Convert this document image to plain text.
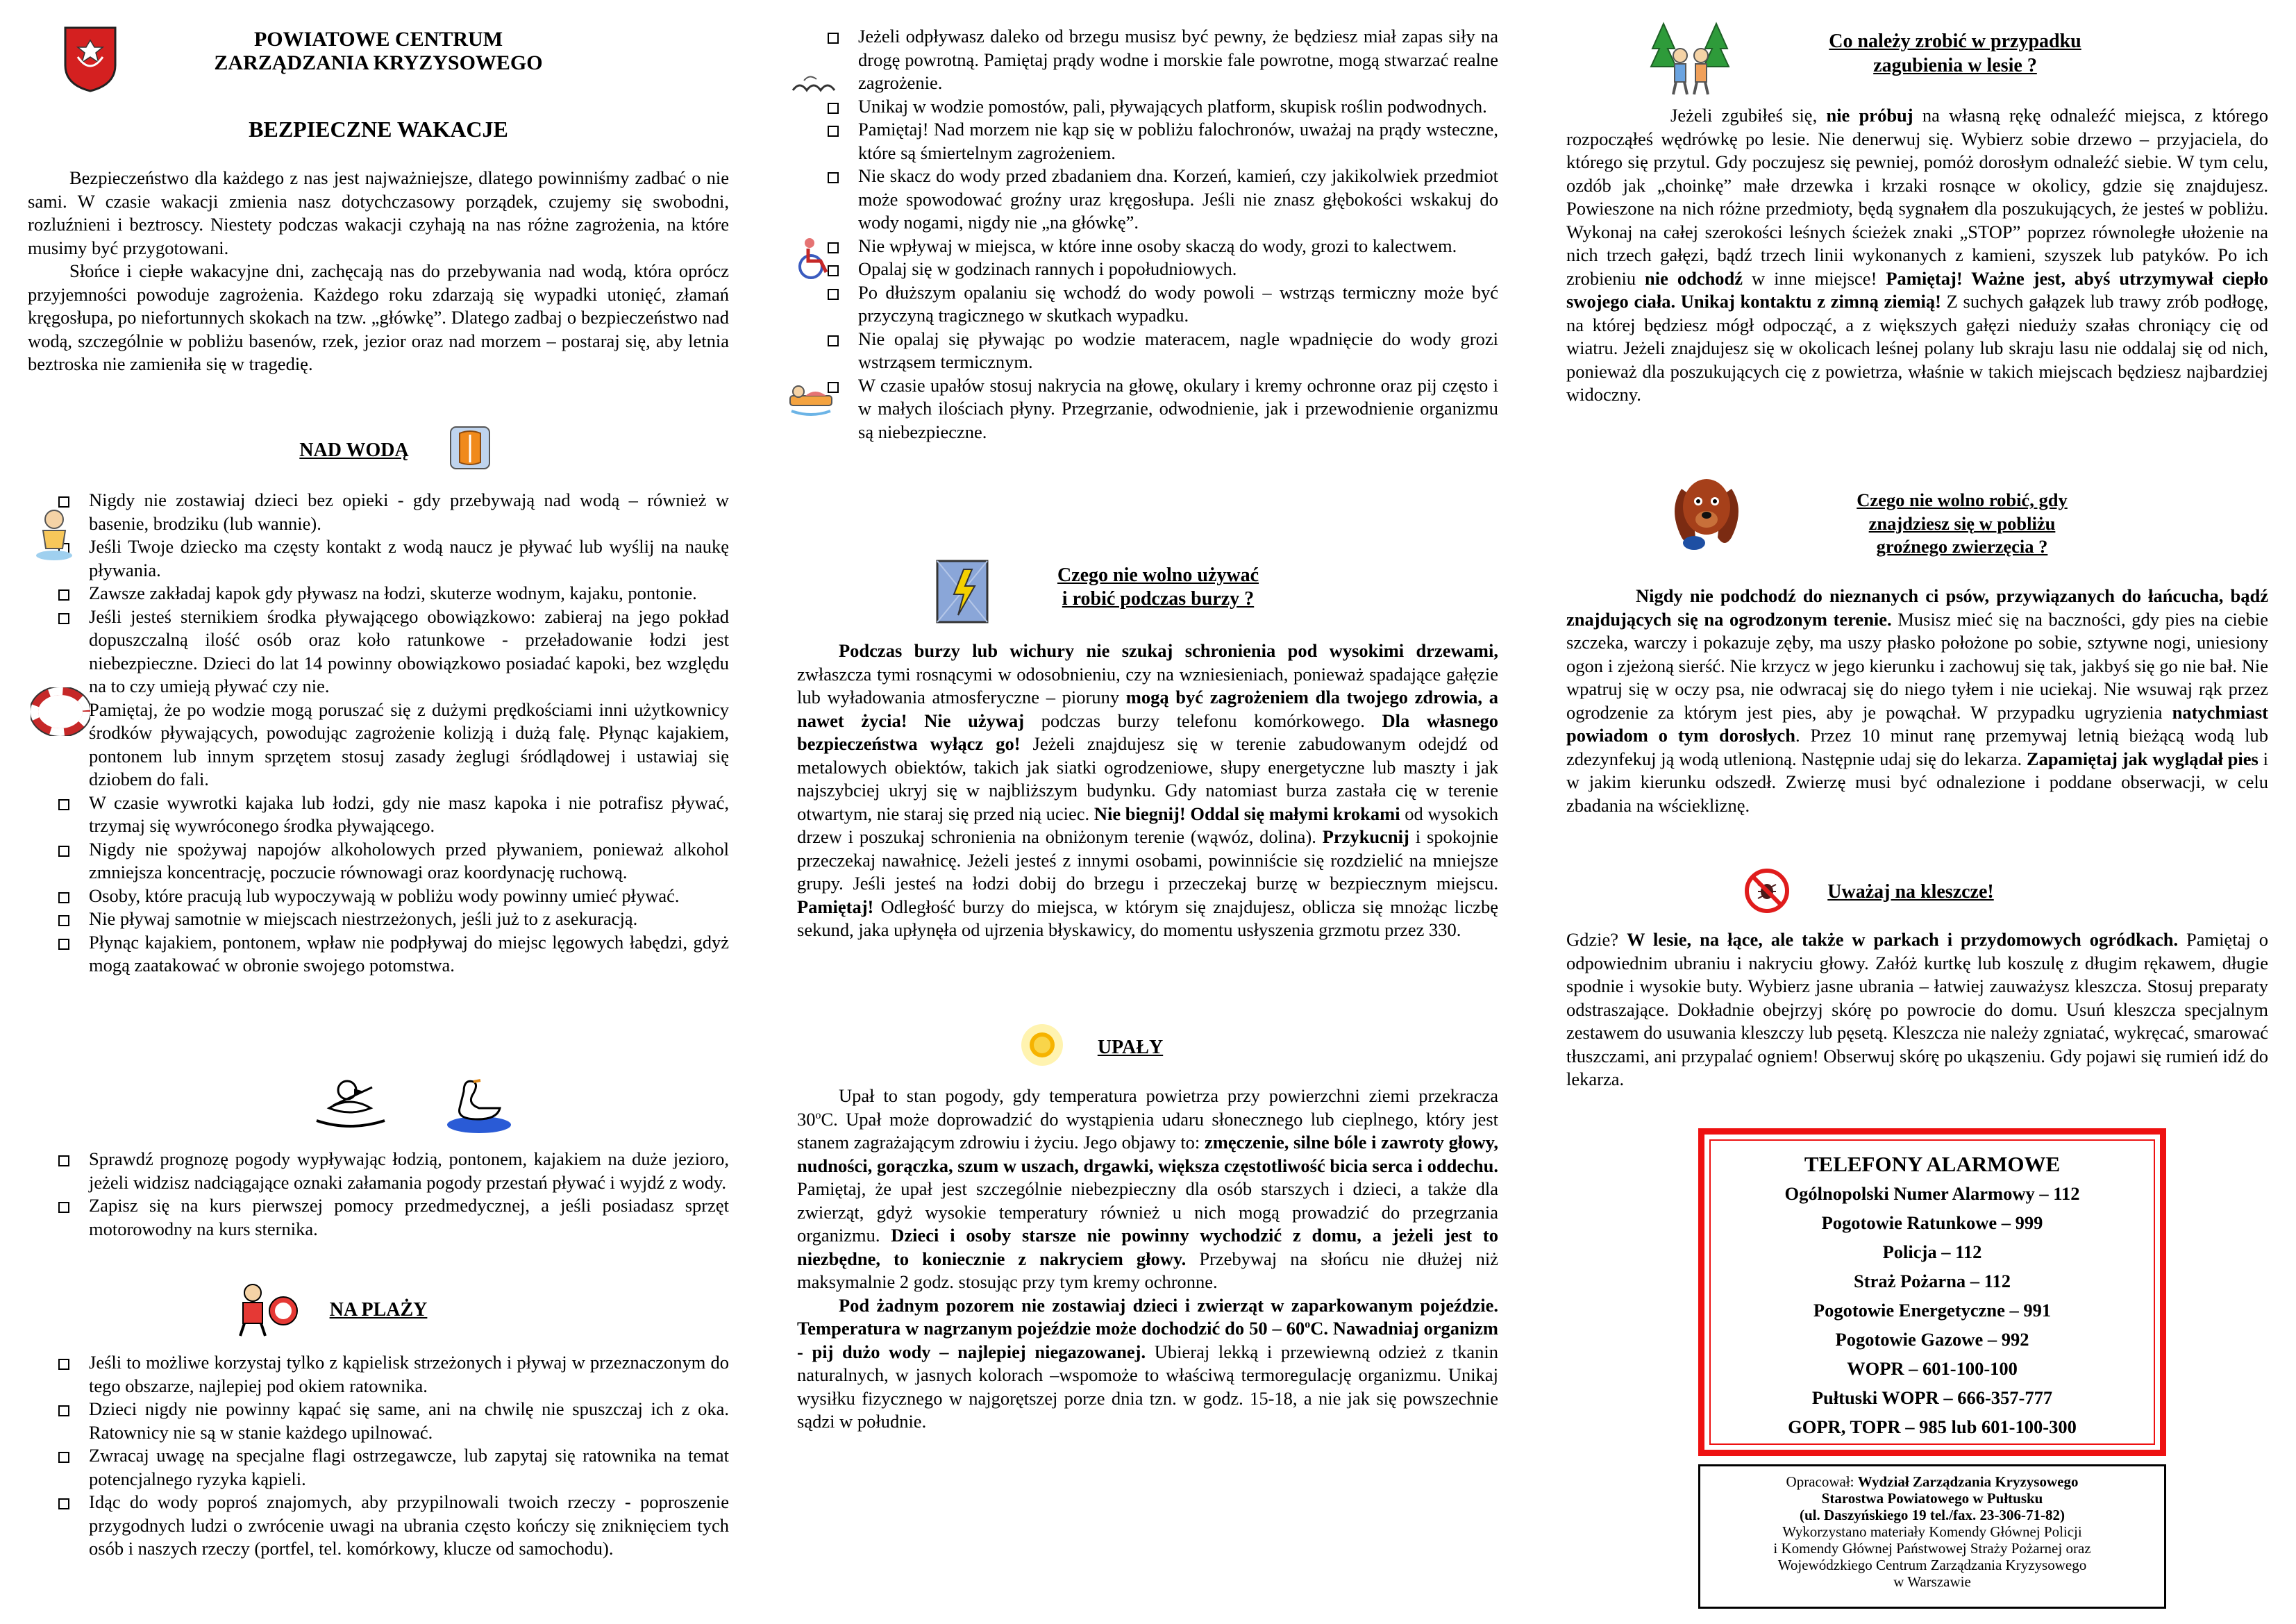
POWIATOWE CENTRUM
ZARZĄDZANIA KRYZYSOWEGO
BEZPIECZNE WAKACJE

Bezpieczeństwo dla każdego z nas jest najważniejsze, dlatego powinniśmy zadbać o nie sami. W czasie wakacji zmienia nasz dotychczasowy porządek, czujemy się swobodni, rozluźnieni i beztroscy. Niestety podczas wakacji czyhają na nas różne zagrożenia, na które musimy być przygotowani.

Słońce i ciepłe wakacyjne dni, zachęcają nas do przebywania nad wodą, która oprócz przyjemności powoduje zagrożenia. Każdego roku zdarzają się wypadki utonięć, złamań kręgosłupa, po niefortunnych skokach na tzw. „główkę”. Dlatego zadbaj o bezpieczeństwo nad wodą, szczególnie w pobliżu basenów, rzek, jezior oraz nad morzem – postaraj się, aby letnia beztroska nie zamieniła się w tragedię.

NAD WODĄ
Nigdy nie zostawiaj dzieci bez opieki - gdy przebywają nad wodą – również w basenie, brodziku (lub wannie).
Jeśli Twoje dziecko ma częsty kontakt z wodą naucz je pływać lub wyślij na naukę pływania.
Zawsze zakładaj kapok gdy pływasz na łodzi, skuterze wodnym, kajaku, pontonie.
Jeśli jesteś sternikiem środka pływającego obowiązkowo: zabieraj na jego pokład dopuszczalną ilość osób oraz koło ratunkowe - przeładowanie łodzi jest niebezpieczne. Dzieci do lat 14 powinny obowiązkowo posiadać kapoki, bez względu na to czy umieją pływać czy nie.
Pamiętaj, że po wodzie mogą poruszać się z dużymi prędkościami inni użytkownicy środków pływających, powodując zagrożenie kolizją i dużą falę. Płynąc kajakiem, pontonem lub innym sprzętem stosuj zasady żeglugi śródlądowej i ustawiaj się dziobem do fali.
W czasie wywrotki kajaka lub łodzi, gdy nie masz kapoka i nie potrafisz pływać, trzymaj się wywróconego środka pływającego.
Nigdy nie spożywaj napojów alkoholowych przed pływaniem, ponieważ alkohol zmniejsza koncentrację, poczucie równowagi oraz koordynację ruchową.
Osoby, które pracują lub wypoczywają w pobliżu wody powinny umieć pływać.
Nie pływaj samotnie w miejscach niestrzeżonych, jeśli już to z asekuracją.
Płynąc kajakiem, pontonem, wpław nie podpływaj do miejsc lęgowych łabędzi, gdyż mogą zaatakować w obronie swojego potomstwa.
Sprawdź prognozę pogody wypływając łodzią, pontonem, kajakiem na duże jezioro, jeżeli widzisz nadciągające oznaki załamania pogody przestań pływać i wyjdź z wody.
Zapisz się na kurs pierwszej pomocy przedmedycznej, a jeśli posiadasz sprzęt motorowodny na kurs sternika.
NA PLAŻY
Jeśli to możliwe korzystaj tylko z kąpielisk strzeżonych i pływaj w przeznaczonym do tego obszarze, najlepiej pod okiem ratownika.
Dzieci nigdy nie powinny kąpać się same, ani na chwilę nie spuszczaj ich z oka. Ratownicy nie są w stanie każdego upilnować.
Zwracaj uwagę na specjalne flagi ostrzegawcze, lub zapytaj się ratownika na temat potencjalnego ryzyka kąpieli.
Idąc do wody poproś znajomych, aby przypilnowali twoich rzeczy - poproszenie przygodnych ludzi o zwrócenie uwagi na ubrania często kończy się zniknięciem tych osób i naszych rzeczy (portfel, tel. komórkowy, klucze od samochodu).
Jeżeli odpływasz daleko od brzegu musisz być pewny, że będziesz miał zapas siły na drogę powrotną. Pamiętaj prądy wodne i morskie fale powrotne, mogą stwarzać realne zagrożenie.
Unikaj w wodzie pomostów, pali, pływających platform, skupisk roślin podwodnych.
Pamiętaj! Nad morzem nie kąp się w pobliżu falochronów, uważaj na prądy wsteczne, które są śmiertelnym zagrożeniem.
Nie skacz do wody przed zbadaniem dna. Korzeń, kamień, czy jakikolwiek przedmiot może spowodować groźny uraz kręgosłupa. Jeśli nie znasz głębokości wskakuj do wody nogami, nigdy nie „na główkę”.
Nie wpływaj w miejsca, w które inne osoby skaczą do wody, grozi to kalectwem.
Opalaj się w godzinach rannych i popołudniowych.
Po dłuższym opalaniu się wchodź do wody powoli – wstrząs termiczny może być przyczyną tragicznego w skutkach wypadku.
Nie opalaj się pływając po wodzie materacem, nagle wpadnięcie do wody grozi wstrząsem termicznym.
W czasie upałów stosuj nakrycia na głowę, okulary i kremy ochronne oraz pij często i w małych ilościach płyny. Przegrzanie, odwodnienie, jak i przewodnienie organizmu są niebezpieczne.
Czego nie wolno używać
i robić podczas burzy ?

Podczas burzy lub wichury nie szukaj schronienia pod wysokimi drzewami, zwłaszcza tymi rosnącymi w odosobnieniu, czy na wzniesieniach, ponieważ spadające gałęzie lub wyładowania atmosferyczne – pioruny mogą być zagrożeniem dla twojego zdrowia, a nawet życia! Nie używaj podczas burzy telefonu komórkowego. Dla własnego bezpieczeństwa wyłącz go! Jeżeli znajdujesz się w terenie zabudowanym odejdź od metalowych obiektów, takich jak siatki ogrodzeniowe, słupy energetyczne lub maszty i jak najszybciej ukryj się w najbliższym budynku. Gdy natomiast burza zastała cię w terenie otwartym, nie staraj się przed nią uciec. Nie biegnij! Oddal się małymi krokami od wysokich drzew i poszukaj schronienia na obniżonym terenie (wąwóz, dolina). Przykucnij i spokojnie przeczekaj nawałnicę. Jeżeli jesteś z innymi osobami, powinniście się rozdzielić na mniejsze grupy. Jeśli jesteś na łodzi dobij do brzegu i przeczekaj burzę w bezpiecznym miejscu. Pamiętaj! Odległość burzy do miejsca, w którym się znajdujesz, oblicza się mnożąc liczbę sekund, jaka upłynęła od ujrzenia błyskawicy, do momentu usłyszenia grzmotu przez 330.

UPAŁY

Upał to stan pogody, gdy temperatura powietrza przy powierzchni ziemi przekracza 30$^o$C. Upał może doprowadzić do wystąpienia udaru słonecznego lub cieplnego, który jest stanem zagrażającym zdrowiu i życiu. Jego objawy to: zmęczenie, silne bóle i zawroty głowy, nudności, gorączka, szum w uszach, drgawki, większa częstotliwość bicia serca i oddechu. Pamiętaj, że upał jest szczególnie niebezpieczny dla osób starszych i dzieci, a także dla zwierząt, gdyż wysokie temperatury również u nich mogą prowadzić do przegrzania organizmu. Dzieci i osoby starsze nie powinny wychodzić z domu, a jeżeli jest to niezbędne, to koniecznie z nakryciem głowy. Przebywaj na słońcu nie dłużej niż maksymalnie 2 godz. stosując przy tym kremy ochronne.

Pod żadnym pozorem nie zostawiaj dzieci i zwierząt w zaparkowanym pojeździe. Temperatura w nagrzanym pojeździe może dochodzić do 50 – 60$^o$C. Nawadniaj organizm - pij dużo wody – najlepiej niegazowanej. Ubieraj lekką i przewiewną odzież z tkanin naturalnych, w jasnych kolorach –wspomoże to właściwą termoregulację organizmu. Unikaj wysiłku fizycznego w najgorętszej porze dnia tzn. w godz. 15-18, a nie jak się powszechnie sądzi w południe.

Co należy zrobić w przypadku
zagubienia w lesie ?

Jeżeli zgubiłeś się, nie próbuj na własną rękę odnaleźć miejsca, z którego rozpocząłeś wędrówkę po lesie. Nie denerwuj się. Wybierz sobie drzewo – przyjaciela, do którego się przytul. Gdy poczujesz się pewniej, pomóż dorosłym odnaleźć siebie. W tym celu, ozdób jak „choinkę” małe drzewka i krzaki rosnące w okolicy, gdzie się znajdujesz. Powieszone na nich różne przedmioty, będą sygnałem dla poszukujących, że jesteś w pobliżu. Wykonaj na całej szerokości leśnych ścieżek znaki „STOP” poprzez równoległe ułożenie na nich trzech gałęzi, bądź trzech linii wykonanych z kamieni, szyszek lub patyków. Po ich zrobieniu nie odchodź w inne miejsce! Pamiętaj! Ważne jest, abyś utrzymywał ciepło swojego ciała. Unikaj kontaktu z zimną ziemią! Z suchych gałązek lub trawy zrób podłogę, na której będziesz mógł odpocząć, a z większych gałęzi nieduży szałas chroniący cię od wiatru. Jeżeli znajdujesz się w okolicach leśnej polany lub skraju lasu nie oddalaj się od nich, ponieważ dla poszukujących cię z powietrza, właśnie w takich miejscach będziesz najbardziej widoczny.

Czego nie wolno robić, gdy
znajdziesz się w pobliżu
groźnego zwierzęcia ?

Nigdy nie podchodź do nieznanych ci psów, przywiązanych do łańcucha, bądź znajdujących się na ogrodzonym terenie. Musisz mieć się na baczności, gdy pies na ciebie szczeka, warczy i pokazuje zęby, ma uszy płasko położone po sobie, sztywne nogi, uniesiony ogon i zjeżoną sierść. Nie krzycz w jego kierunku i zachowuj się tak, jakbyś się go nie bał. Nie wpatruj się w oczy psa, nie odwracaj się do niego tyłem i nie uciekaj. Nie wsuwaj rąk przez ogrodzenie za którym jest pies, aby je powąchał. W przypadku ugryzienia natychmiast powiadom o tym dorosłych. Przez 10 minut ranę przemywaj letnią bieżącą wodą lub zdezynfekuj ją wodą utlenioną. Następnie udaj się do lekarza. Zapamiętaj jak wyglądał pies i w jakim kierunku odszedł. Zwierzę musi być odnalezione i poddane obserwacji, w celu zbadania na wściekliznę.

Uważaj na kleszcze!

Gdzie? W lesie, na łące, ale także w parkach i przydomowych ogródkach. Pamiętaj o odpowiednim ubraniu i nakryciu głowy. Załóż kurtkę lub koszulę z długim rękawem, długie spodnie i wysokie buty. Wybierz jasne ubrania – łatwiej zauważysz kleszcza. Stosuj preparaty odstraszające. Dokładnie obejrzyj skórę po powrocie do domu. Usuń kleszcza specjalnym zestawem do usuwania kleszczy lub pęsetą. Kleszcza nie należy zgniatać, wykręcać, smarować tłuszczami, ani przypalać ogniem! Obserwuj skórę po ukąszeniu. Gdy pojawi się rumień idź do lekarza.

TELEFONY ALARMOWE
Ogólnopolski Numer Alarmowy – 112
Pogotowie Ratunkowe – 999
Policja – 112
Straż Pożarna – 112
Pogotowie Energetyczne – 991
Pogotowie Gazowe – 992
WOPR – 601-100-100
Pułtuski WOPR – 666-357-777
GOPR, TOPR – 985 lub 601-100-300
Opracował: Wydział Zarządzania Kryzysowego
Starostwa Powiatowego w Pułtusku
(ul. Daszyńskiego 19 tel./fax. 23-306-71-82)
Wykorzystano materiały Komendy Głównej Policji
i Komendy Głównej Państwowej Straży Pożarnej oraz
Wojewódzkiego Centrum Zarządzania Kryzysowego
w Warszawie
